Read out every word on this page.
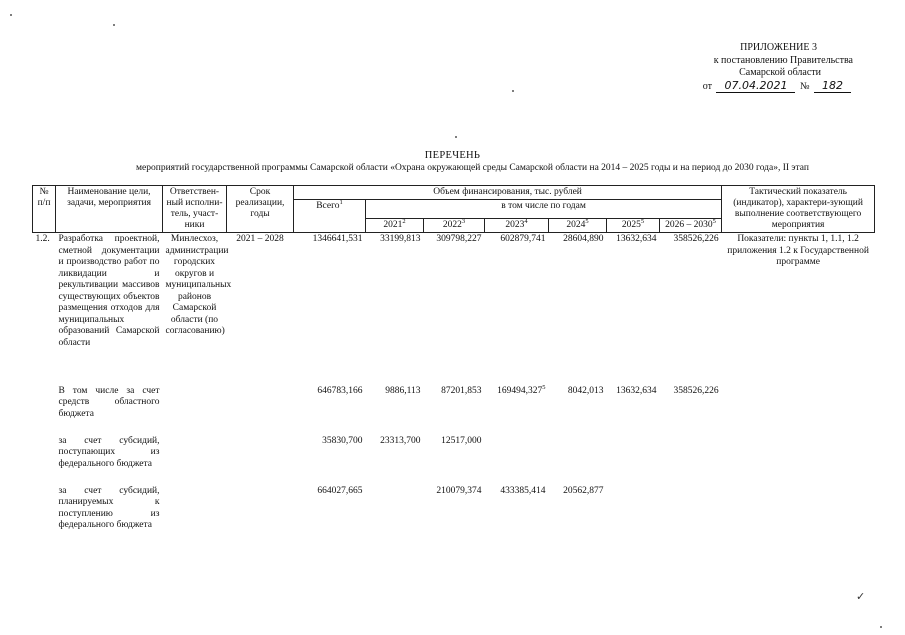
✓
ПРИЛОЖЕНИЕ 3
к постановлению Правительства
Самарской области
от 07.04.2021 № 182
ПЕРЕЧЕНЬ
мероприятий государственной программы Самарской области «Охрана окружающей среды Самарской области на 2014 – 2025 годы и на период до 2030 года», II этап
№ п/п	Наименование цели, задачи, мероприятия	Ответствен-ный исполни-тель, участ-ники	Срок реализации, годы	Объем финансирования, тыс. рублей							Тактический показатель (индикатор), характери-зующий выполнение соответствующего мероприятия
				Всего$^1$	в том числе по годам						
					2021$^2$	2022$^3$	2023$^4$	2024$^5$	2025$^5$	2026 – 2030$^5$
1.2.	Разработка проектной, сметной документации и производство работ по ликвидации и рекультивации массивов существующих объектов размещения отходов для муниципальных образований Самарской области	Минлесхоз, администрации городских округов и муниципальных районов Самарской области (по согласованию)	2021 – 2028	1346641,531	33199,813	309798,227	602879,741	28604,890	13632,634	358526,226	Показатели: пункты 1, 1.1, 1.2 приложения 1.2 к Государственной программе
	В том числе за счет средств областного бюджета			646783,166	9886,113	87201,853	169494,327$^5$	8042,013	13632,634	358526,226	
	за счет субсидий, поступающих из федерального бюджета			35830,700	23313,700	12517,000					
	за счет субсидий, планируемых к поступлению из федерального бюджета			664027,665		210079,374	433385,414	20562,877			
